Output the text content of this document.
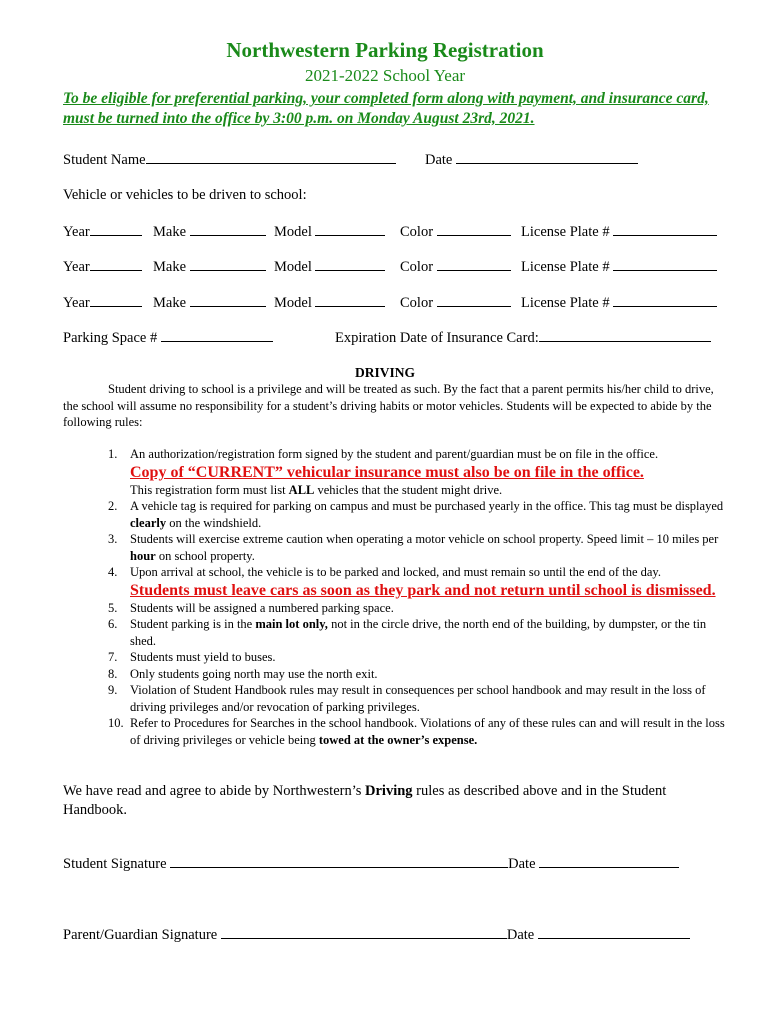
Northwestern Parking Registration
2021-2022 School Year
To be eligible for preferential parking, your completed form along with payment, and insurance card, must be turned into the office by 3:00 p.m. on Monday August 23rd, 2021.
Student Name	Date
Vehicle or vehicles to be driven to school:
Year	Make	Model	Color	License Plate #
Year	Make	Model	Color	License Plate #
Year	Make	Model	Color	License Plate #
Parking Space #	Expiration Date of Insurance Card:
DRIVING
Student driving to school is a privilege and will be treated as such. By the fact that a parent permits his/her child to drive, the school will assume no responsibility for a student’s driving habits or motor vehicles. Students will be expected to abide by the following rules:
1. An authorization/registration form signed by the student and parent/guardian must be on file in the office.
Copy of “CURRENT” vehicular insurance must also be on file in the office.
This registration form must list ALL vehicles that the student might drive.
2. A vehicle tag is required for parking on campus and must be purchased yearly in the office. This tag must be displayed clearly on the windshield.
3. Students will exercise extreme caution when operating a motor vehicle on school property. Speed limit – 10 miles per hour on school property.
4. Upon arrival at school, the vehicle is to be parked and locked, and must remain so until the end of the day.
Students must leave cars as soon as they park and not return until school is dismissed.
5. Students will be assigned a numbered parking space.
6. Student parking is in the main lot only, not in the circle drive, the north end of the building, by dumpster, or the tin shed.
7. Students must yield to buses.
8. Only students going north may use the north exit.
9. Violation of Student Handbook rules may result in consequences per school handbook and may result in the loss of driving privileges and/or revocation of parking privileges.
10. Refer to Procedures for Searches in the school handbook. Violations of any of these rules can and will result in the loss of driving privileges or vehicle being towed at the owner’s expense.
We have read and agree to abide by Northwestern’s Driving rules as described above and in the Student Handbook.
Student Signature	Date
Parent/Guardian Signature	Date
